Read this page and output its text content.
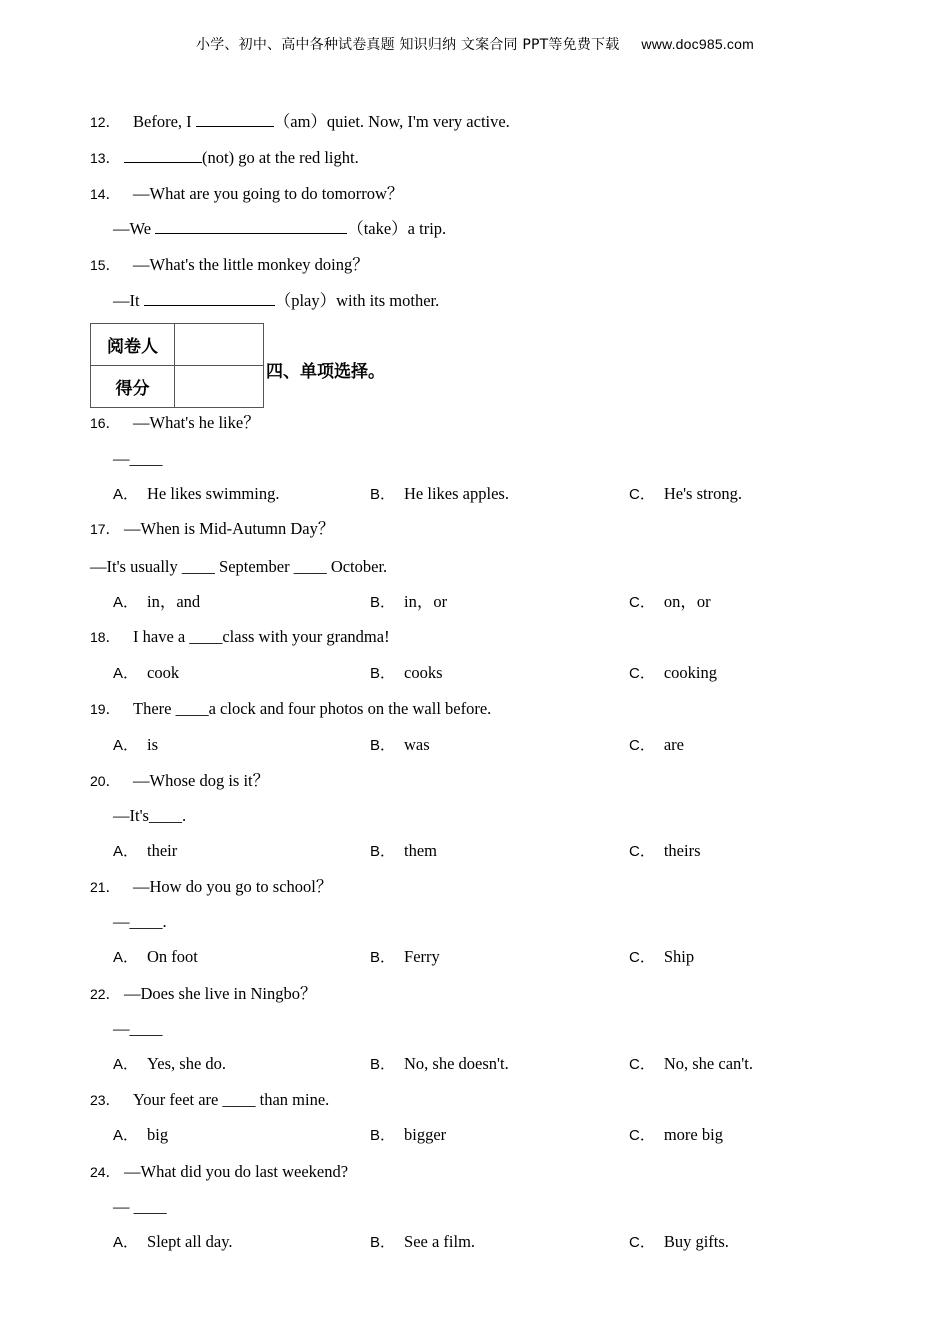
小学、初中、高中各种试卷真题 知识归纳 文案合同 PPT等免费下载 www.doc985.com
12． Before, I	（am）quiet. Now, I'm very active.
13．	(not) go at the red light.
14． —What are you going to do tomorrow？
—We	（take）a trip.
15． —What's the little monkey doing？
—It	（play）with its mother.
阅卷人	
得分	
四、单项选择。
16． —What's he like？
—____
A． He likes swimming.	B． He likes apples.	C． He's strong.
17． —When is Mid-Autumn Day？
—It's usually ____ September ____ October.
A． in，and	B． in，or	C． on，or
18． I have a ____class with your grandma!
A． cook	B． cooks	C． cooking
19． There ____a clock and four photos on the wall before.
A． is	B． was	C． are
20． —Whose dog is it？
—It's____.
A． their	B． them	C． theirs
21． —How do you go to school？
—____.
A． On foot	B． Ferry	C． Ship
22． —Does she live in Ningbo？
—____
A． Yes, she do.	B． No, she doesn't.	C． No, she can't.
23． Your feet are ____ than mine.
A． big	B． bigger	C． more big
24． —What did you do last weekend?
— ____
A． Slept all day.	B． See a film.	C． Buy gifts.
